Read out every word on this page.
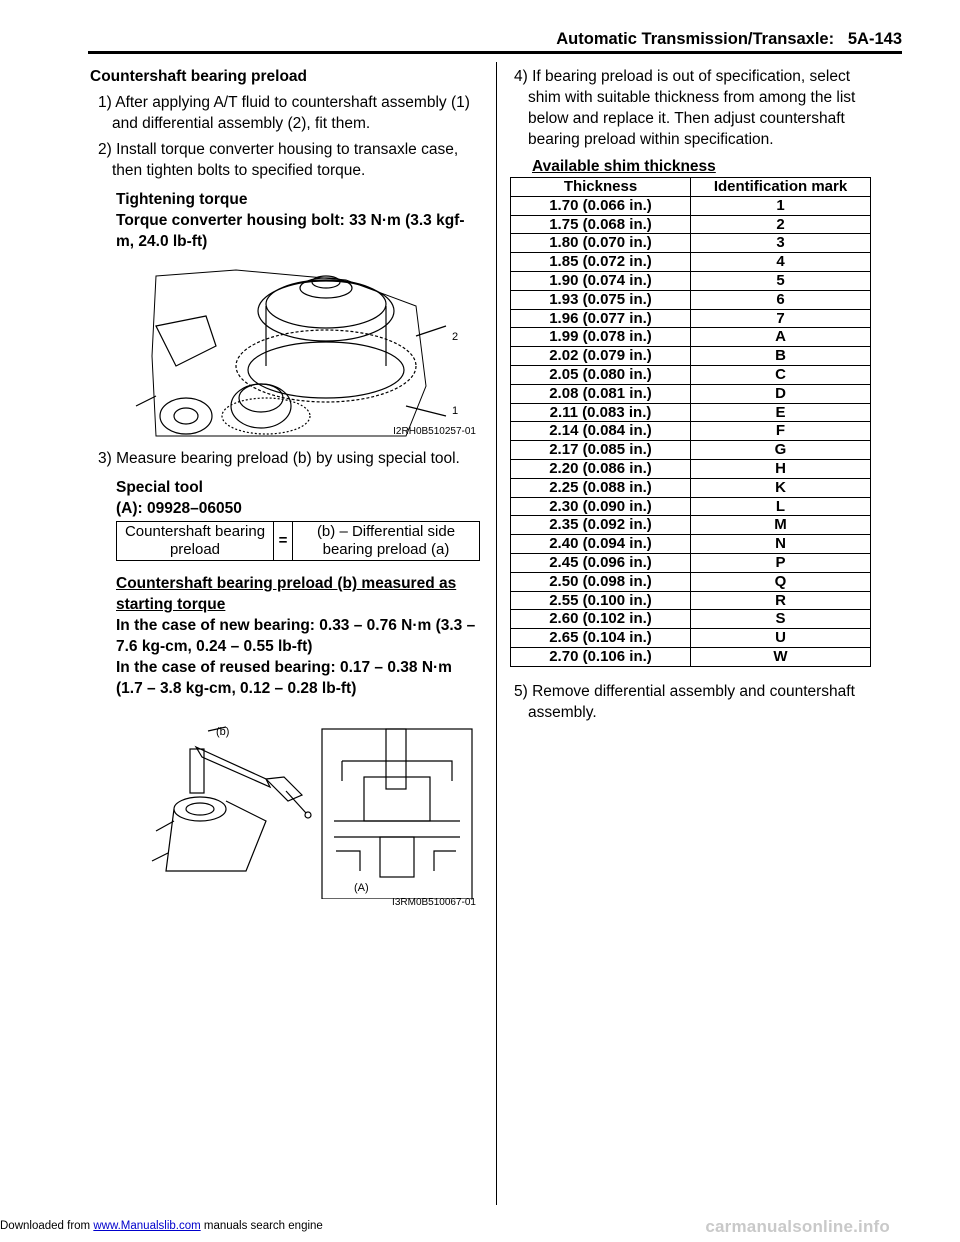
Automatic Transmission/Transaxle: 5A-143

Countershaft bearing preload

1) After applying A/T fluid to countershaft assembly (1) and differential assembly (2), fit them.

2) Install torque converter housing to transaxle case, then tighten bolts to specified torque.

Tightening torque

Torque converter housing bolt: 33 N·m (3.3 kgf-m, 24.0 lb-ft)

2
1
I2RH0B510257-01

3) Measure bearing preload (b) by using special tool.

Special tool

(A): 09928–06050

Countershaft bearing preload	=	(b) – Differential side bearing preload (a)

Countershaft bearing preload (b) measured as
starting torque

In the case of new bearing: 0.33 – 0.76 N·m (3.3 – 7.6 kg-cm, 0.24 – 0.55 lb-ft)

In the case of reused bearing: 0.17 – 0.38 N·m (1.7 – 3.8 kg-cm, 0.12 – 0.28 lb-ft)

(b)
(A)
I3RM0B510067-01

4) If bearing preload is out of specification, select shim with suitable thickness from among the list below and replace it. Then adjust countershaft bearing preload within specification.

Available shim thickness

Thickness	Identification mark
1.70 (0.066 in.)	1
1.75 (0.068 in.)	2
1.80 (0.070 in.)	3
1.85 (0.072 in.)	4
1.90 (0.074 in.)	5
1.93 (0.075 in.)	6
1.96 (0.077 in.)	7
1.99 (0.078 in.)	A
2.02 (0.079 in.)	B
2.05 (0.080 in.)	C
2.08 (0.081 in.)	D
2.11 (0.083 in.)	E
2.14 (0.084 in.)	F
2.17 (0.085 in.)	G
2.20 (0.086 in.)	H
2.25 (0.088 in.)	K
2.30 (0.090 in.)	L
2.35 (0.092 in.)	M
2.40 (0.094 in.)	N
2.45 (0.096 in.)	P
2.50 (0.098 in.)	Q
2.55 (0.100 in.)	R
2.60 (0.102 in.)	S
2.65 (0.104 in.)	U
2.70 (0.106 in.)	W

5) Remove differential assembly and countershaft assembly.

Downloaded from www.Manualslib.com manuals search engine	carmanualsonline.info
